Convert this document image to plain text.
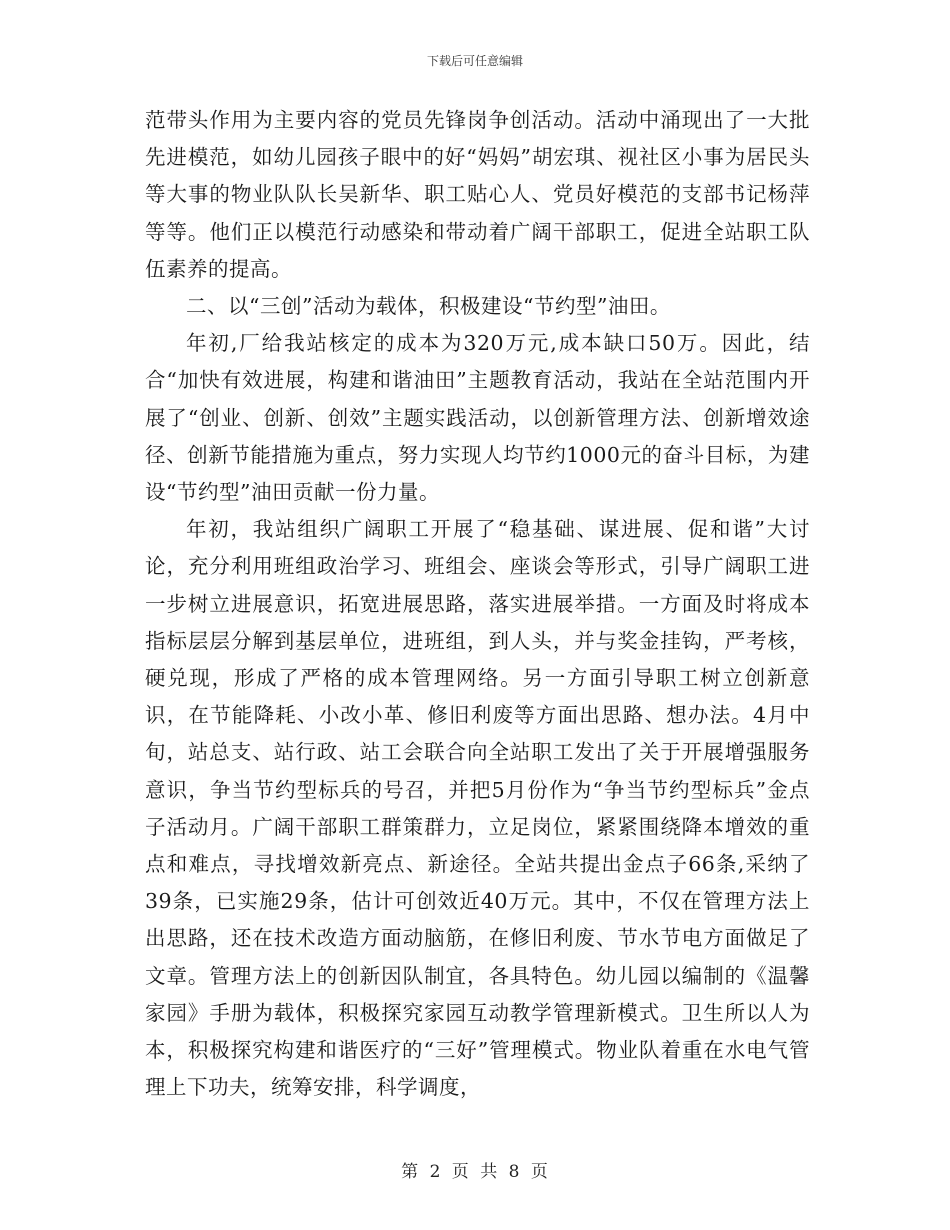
下载后可任意编辑

范带头作用为主要内容的党员先锋岗争创活动。活动中涌现出了一大批先进模范，如幼儿园孩子眼中的好“妈妈”胡宏琪、视社区小事为居民头等大事的物业队队长吴新华、职工贴心人、党员好模范的支部书记杨萍等等。他们正以模范行动感染和带动着广阔干部职工，促进全站职工队伍素养的提高。

二、以“三创”活动为载体，积极建设“节约型”油田。

年初,厂给我站核定的成本为320万元,成本缺口50万。因此，结合“加快有效进展，构建和谐油田”主题教育活动，我站在全站范围内开展了“创业、创新、创效”主题实践活动，以创新管理方法、创新增效途径、创新节能措施为重点，努力实现人均节约1000元的奋斗目标，为建设“节约型”油田贡献一份力量。

年初，我站组织广阔职工开展了“稳基础、谋进展、促和谐”大讨论，充分利用班组政治学习、班组会、座谈会等形式，引导广阔职工进一步树立进展意识，拓宽进展思路，落实进展举措。一方面及时将成本指标层层分解到基层单位，进班组，到人头，并与奖金挂钩，严考核，硬兑现，形成了严格的成本管理网络。另一方面引导职工树立创新意识，在节能降耗、小改小革、修旧利废等方面出思路、想办法。4月中旬，站总支、站行政、站工会联合向全站职工发出了关于开展增强服务意识，争当节约型标兵的号召，并把5月份作为“争当节约型标兵”金点子活动月。广阔干部职工群策群力，立足岗位，紧紧围绕降本增效的重点和难点，寻找增效新亮点、新途径。全站共提出金点子66条,采纳了39条，已实施29条，估计可创效近40万元。其中，不仅在管理方法上出思路，还在技术改造方面动脑筋，在修旧利废、节水节电方面做足了文章。管理方法上的创新因队制宜，各具特色。幼儿园以编制的《温馨家园》手册为载体，积极探究家园互动教学管理新模式。卫生所以人为本，积极探究构建和谐医疗的“三好”管理模式。物业队着重在水电气管理上下功夫，统筹安排，科学调度，

第 2 页 共 8 页
